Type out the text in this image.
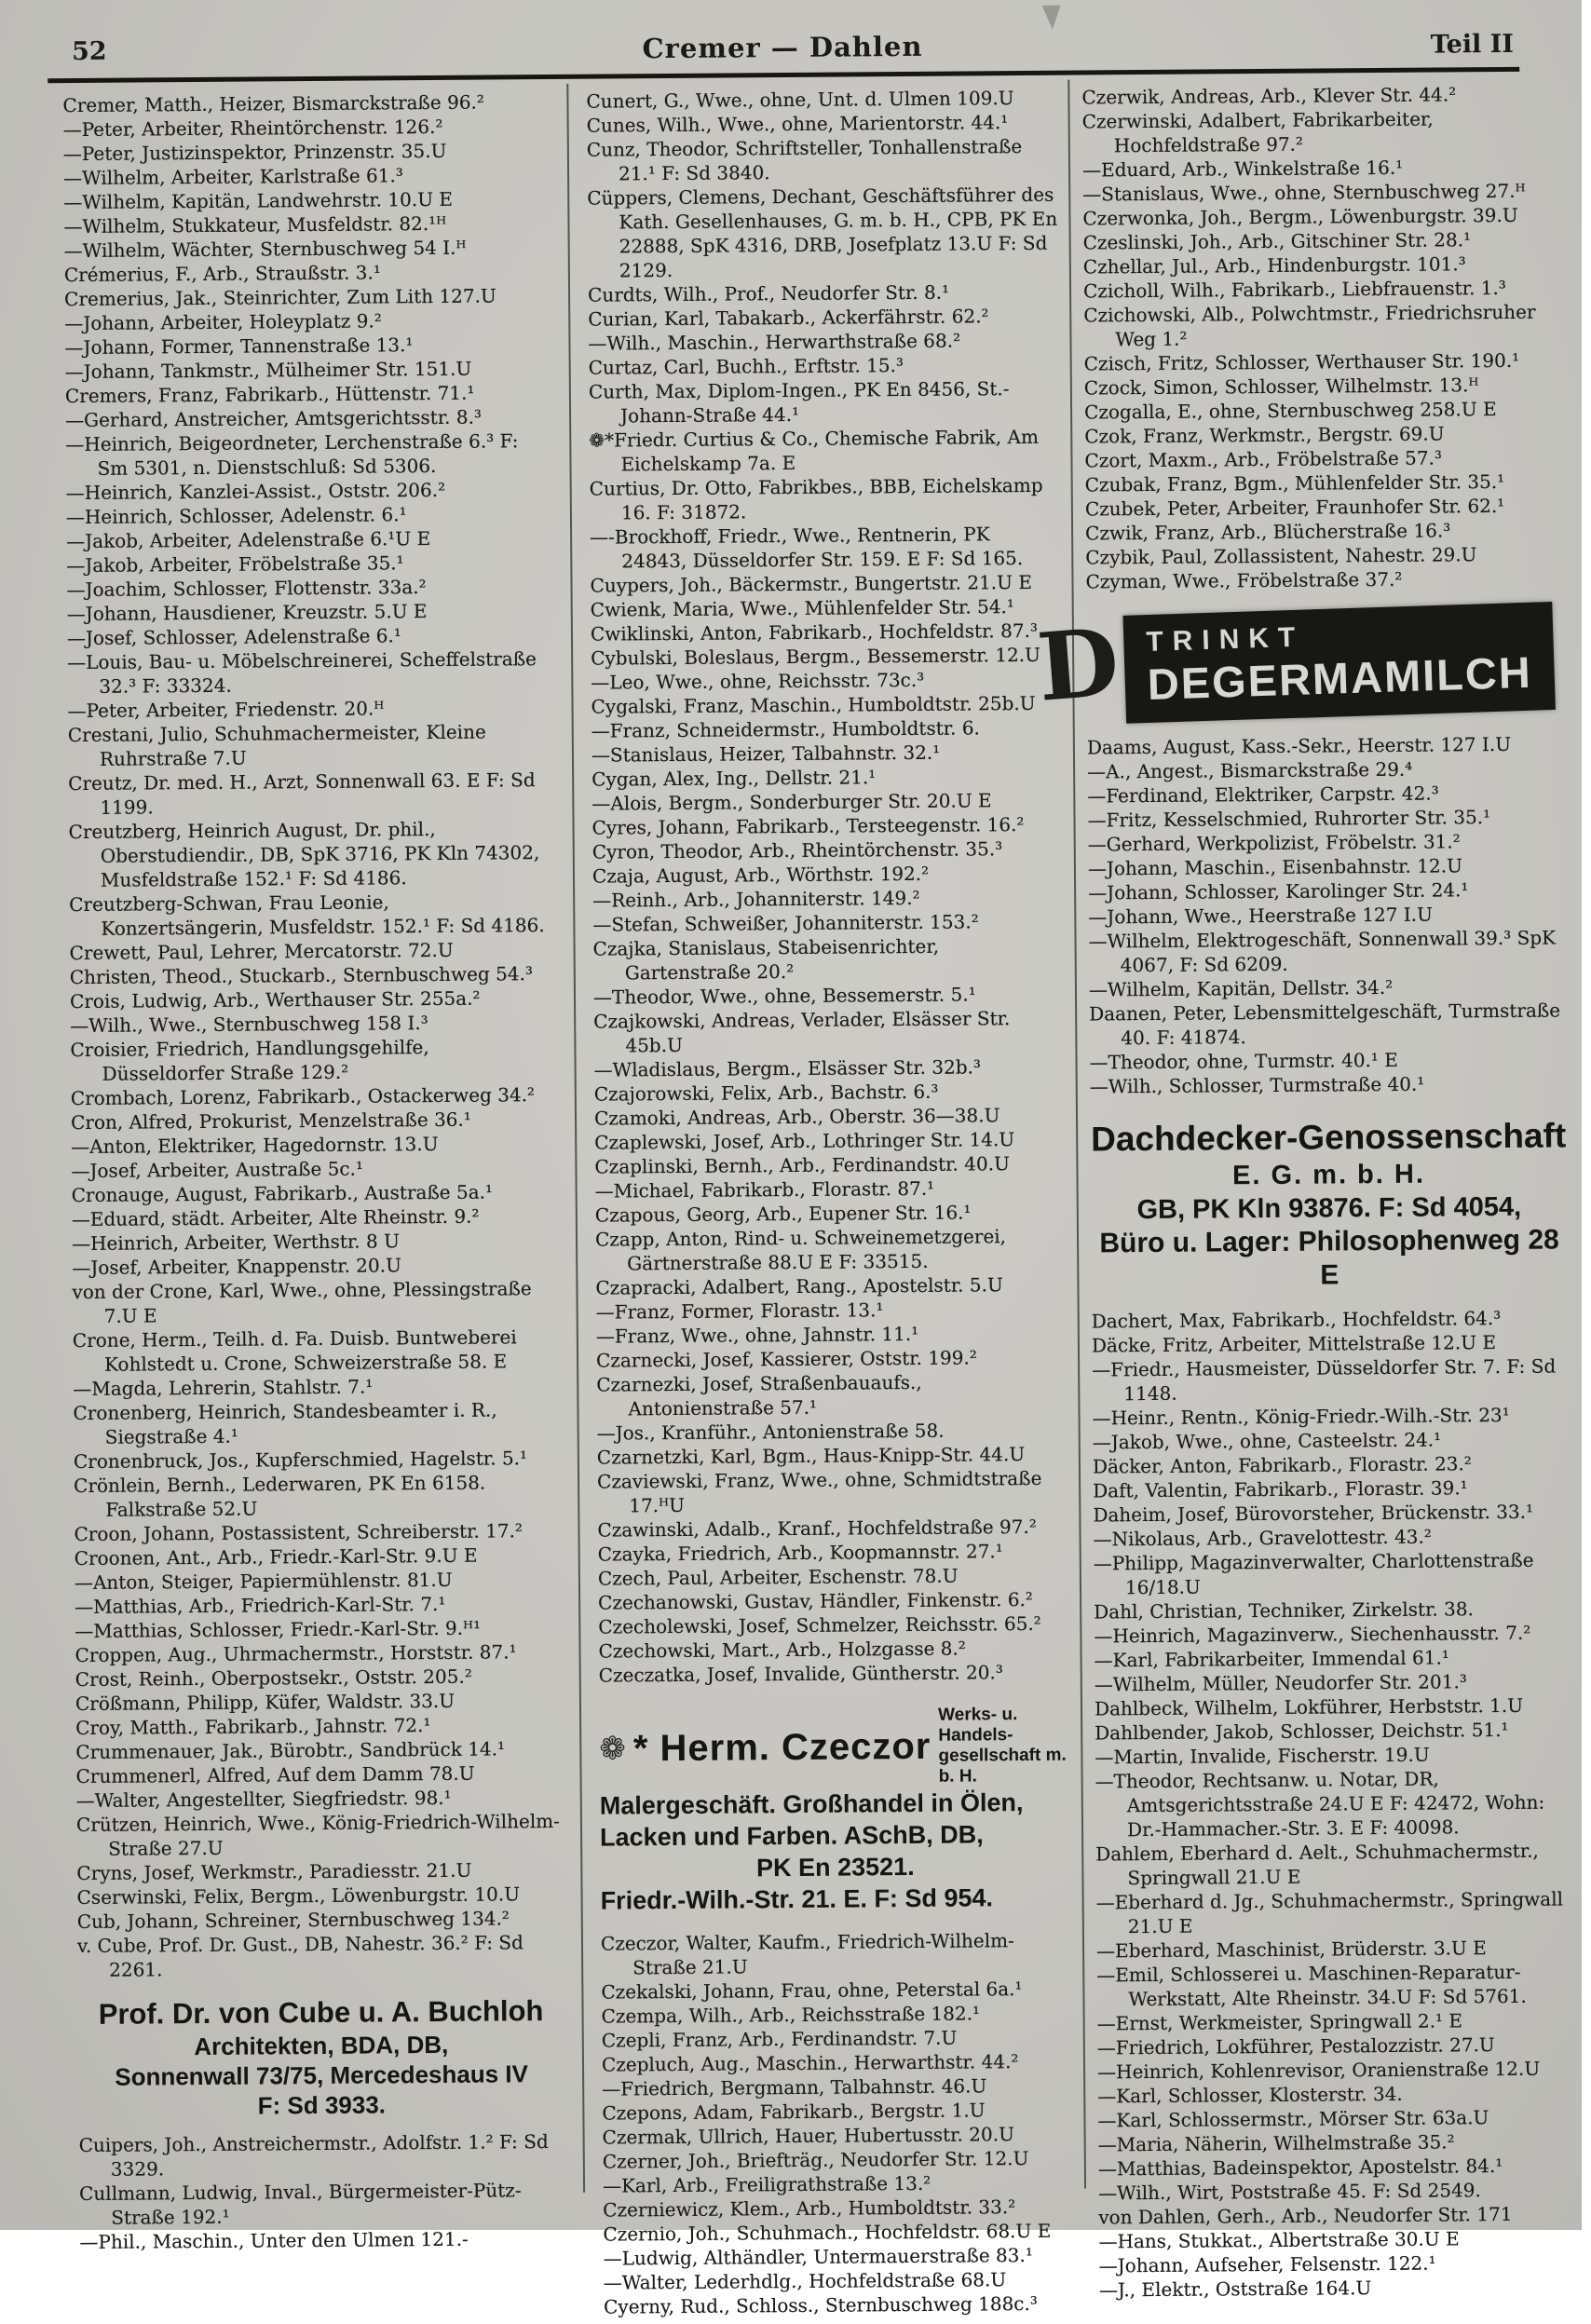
52	Cremer — Dahlen	Teil II
Cremer, Matth., Heizer, Bismarckstraße 96.²
—Peter, Arbeiter, Rheintörchenstr. 126.²
—Peter, Justizinspektor, Prinzenstr. 35.U
—Wilhelm, Arbeiter, Karlstraße 61.³
—Wilhelm, Kapitän, Landwehrstr. 10.U E
—Wilhelm, Stukkateur, Musfeldstr. 82.¹ᴴ
—Wilhelm, Wächter, Sternbuschweg 54 I.ᴴ
Crémerius, F., Arb., Straußstr. 3.¹
Cremerius, Jak., Steinrichter, Zum Lith 127.U
—Johann, Arbeiter, Holeyplatz 9.²
—Johann, Former, Tannenstraße 13.¹
—Johann, Tankmstr., Mülheimer Str. 151.U
Cremers, Franz, Fabrikarb., Hüttenstr. 71.¹
—Gerhard, Anstreicher, Amtsgerichtsstr. 8.³
—Heinrich, Beigeordneter, Lerchenstraße 6.³ F: Sm 5301, n. Dienstschluß: Sd 5306.
—Heinrich, Kanzlei-Assist., Oststr. 206.²
—Heinrich, Schlosser, Adelenstr. 6.¹
—Jakob, Arbeiter, Adelenstraße 6.¹U E
—Jakob, Arbeiter, Fröbelstraße 35.¹
—Joachim, Schlosser, Flottenstr. 33a.²
—Johann, Hausdiener, Kreuzstr. 5.U E
—Josef, Schlosser, Adelenstraße 6.¹
—Louis, Bau- u. Möbelschreinerei, Scheffelstraße 32.³ F: 33324.
—Peter, Arbeiter, Friedenstr. 20.ᴴ
Crestani, Julio, Schuhmachermeister, Kleine Ruhrstraße 7.U
Creutz, Dr. med. H., Arzt, Sonnenwall 63. E F: Sd 1199.
Creutzberg, Heinrich August, Dr. phil., Oberstudiendir., DB, SpK 3716, PK Kln 74302, Musfeldstraße 152.¹ F: Sd 4186.
Creutzberg-Schwan, Frau Leonie, Konzertsängerin, Musfeldstr. 152.¹ F: Sd 4186.
Crewett, Paul, Lehrer, Mercatorstr. 72.U
Christen, Theod., Stuckarb., Sternbuschweg 54.³
Crois, Ludwig, Arb., Werthauser Str. 255a.²
—Wilh., Wwe., Sternbuschweg 158 I.³
Croisier, Friedrich, Handlungsgehilfe, Düsseldorfer Straße 129.²
Crombach, Lorenz, Fabrikarb., Ostackerweg 34.²
Cron, Alfred, Prokurist, Menzelstraße 36.¹
—Anton, Elektriker, Hagedornstr. 13.U
—Josef, Arbeiter, Austraße 5c.¹
Cronauge, August, Fabrikarb., Austraße 5a.¹
—Eduard, städt. Arbeiter, Alte Rheinstr. 9.²
—Heinrich, Arbeiter, Werthstr. 8 U
—Josef, Arbeiter, Knappenstr. 20.U
von der Crone, Karl, Wwe., ohne, Plessingstraße 7.U E
Crone, Herm., Teilh. d. Fa. Duisb. Buntweberei Kohlstedt u. Crone, Schweizerstraße 58. E
—Magda, Lehrerin, Stahlstr. 7.¹
Cronenberg, Heinrich, Standesbeamter i. R., Siegstraße 4.¹
Cronenbruck, Jos., Kupferschmied, Hagelstr. 5.¹
Crönlein, Bernh., Lederwaren, PK En 6158. Falkstraße 52.U
Croon, Johann, Postassistent, Schreiberstr. 17.²
Croonen, Ant., Arb., Friedr.-Karl-Str. 9.U E
—Anton, Steiger, Papiermühlenstr. 81.U
—Matthias, Arb., Friedrich-Karl-Str. 7.¹
—Matthias, Schlosser, Friedr.-Karl-Str. 9.ᴴ¹
Croppen, Aug., Uhrmachermstr., Horststr. 87.¹
Crost, Reinh., Oberpostsekr., Oststr. 205.²
Crößmann, Philipp, Küfer, Waldstr. 33.U
Croy, Matth., Fabrikarb., Jahnstr. 72.¹
Crummenauer, Jak., Bürobtr., Sandbrück 14.¹
Crummenerl, Alfred, Auf dem Damm 78.U
—Walter, Angestellter, Siegfriedstr. 98.¹
Crützen, Heinrich, Wwe., König-Friedrich-Wilhelm-Straße 27.U
Cryns, Josef, Werkmstr., Paradiesstr. 21.U
Cserwinski, Felix, Bergm., Löwenburgstr. 10.U
Cub, Johann, Schreiner, Sternbuschweg 134.²
v. Cube, Prof. Dr. Gust., DB, Nahestr. 36.² F: Sd 2261.
Prof. Dr. von Cube u. A. Buchloh
Architekten, BDA, DB,
Sonnenwall 73/75, Mercedeshaus IV
F: Sd 3933.
Cuipers, Joh., Anstreichermstr., Adolfstr. 1.² F: Sd 3329.
Cullmann, Ludwig, Inval., Bürgermeister-Pütz-Straße 192.¹
—Phil., Maschin., Unter den Ulmen 121.-
Cunert, G., Wwe., ohne, Unt. d. Ulmen 109.U
Cunes, Wilh., Wwe., ohne, Marientorstr. 44.¹
Cunz, Theodor, Schriftsteller, Tonhallenstraße 21.¹ F: Sd 3840.
Cüppers, Clemens, Dechant, Geschäftsführer des Kath. Gesellenhauses, G. m. b. H., CPB, PK En 22888, SpK 4316, DRB, Josefplatz 13.U F: Sd 2129.
Curdts, Wilh., Prof., Neudorfer Str. 8.¹
Curian, Karl, Tabakarb., Ackerfährstr. 62.²
—Wilh., Maschin., Herwarthstraße 68.²
Curtaz, Carl, Buchh., Erftstr. 15.³
Curth, Max, Diplom-Ingen., PK En 8456, St.-Johann-Straße 44.¹
❁*Friedr. Curtius & Co., Chemische Fabrik, Am Eichelskamp 7a. E
Curtius, Dr. Otto, Fabrikbes., BBB, Eichelskamp 16. F: 31872.
—-Brockhoff, Friedr., Wwe., Rentnerin, PK 24843, Düsseldorfer Str. 159. E F: Sd 165.
Cuypers, Joh., Bäckermstr., Bungertstr. 21.U E
Cwienk, Maria, Wwe., Mühlenfelder Str. 54.¹
Cwiklinski, Anton, Fabrikarb., Hochfeldstr. 87.³
Cybulski, Boleslaus, Bergm., Bessemerstr. 12.U
—Leo, Wwe., ohne, Reichsstr. 73c.³
Cygalski, Franz, Maschin., Humboldtstr. 25b.U
—Franz, Schneidermstr., Humboldtstr. 6.
—Stanislaus, Heizer, Talbahnstr. 32.¹
Cygan, Alex, Ing., Dellstr. 21.¹
—Alois, Bergm., Sonderburger Str. 20.U E
Cyres, Johann, Fabrikarb., Tersteegenstr. 16.²
Cyron, Theodor, Arb., Rheintörchenstr. 35.³
Czaja, August, Arb., Wörthstr. 192.²
—Reinh., Arb., Johanniterstr. 149.²
—Stefan, Schweißer, Johanniterstr. 153.²
Czajka, Stanislaus, Stabeisenrichter, Gartenstraße 20.²
—Theodor, Wwe., ohne, Bessemerstr. 5.¹
Czajkowski, Andreas, Verlader, Elsässer Str. 45b.U
—Wladislaus, Bergm., Elsässer Str. 32b.³
Czajorowski, Felix, Arb., Bachstr. 6.³
Czamoki, Andreas, Arb., Oberstr. 36—38.U
Czaplewski, Josef, Arb., Lothringer Str. 14.U
Czaplinski, Bernh., Arb., Ferdinandstr. 40.U
—Michael, Fabrikarb., Florastr. 87.¹
Czapous, Georg, Arb., Eupener Str. 16.¹
Czapp, Anton, Rind- u. Schweinemetzgerei, Gärtnerstraße 88.U E F: 33515.
Czapracki, Adalbert, Rang., Apostelstr. 5.U
—Franz, Former, Florastr. 13.¹
—Franz, Wwe., ohne, Jahnstr. 11.¹
Czarnecki, Josef, Kassierer, Oststr. 199.²
Czarnezki, Josef, Straßenbauaufs., Antonienstraße 57.¹
—Jos., Kranführ., Antonienstraße 58.
Czarnetzki, Karl, Bgm., Haus-Knipp-Str. 44.U
Czaviewski, Franz, Wwe., ohne, Schmidtstraße 17.ᴴU
Czawinski, Adalb., Kranf., Hochfeldstraße 97.²
Czayka, Friedrich, Arb., Koopmannstr. 27.¹
Czech, Paul, Arbeiter, Eschenstr. 78.U
Czechanowski, Gustav, Händler, Finkenstr. 6.²
Czecholewski, Josef, Schmelzer, Reichsstr. 65.²
Czechowski, Mart., Arb., Holzgasse 8.²
Czeczatka, Josef, Invalide, Güntherstr. 20.³
❁ * Herm. Czeczor
Werks- u. Handels-
gesellschaft m. b. H.
Malergeschäft. Großhandel in Ölen,
Lacken und Farben. ASchB, DB,
PK En 23521.
Friedr.-Wilh.-Str. 21. E. F: Sd 954.
Czeczor, Walter, Kaufm., Friedrich-Wilhelm-Straße 21.U
Czekalski, Johann, Frau, ohne, Peterstal 6a.¹
Czempa, Wilh., Arb., Reichsstraße 182.¹
Czepli, Franz, Arb., Ferdinandstr. 7.U
Czepluch, Aug., Maschin., Herwarthstr. 44.²
—Friedrich, Bergmann, Talbahnstr. 46.U
Czepons, Adam, Fabrikarb., Bergstr. 1.U
Czermak, Ullrich, Hauer, Hubertusstr. 20.U
Czerner, Joh., Briefträg., Neudorfer Str. 12.U
—Karl, Arb., Freiligrathstraße 13.²
Czerniewicz, Klem., Arb., Humboldtstr. 33.²
Czernio, Joh., Schuhmach., Hochfeldstr. 68.U E
—Ludwig, Althändler, Untermauerstraße 83.¹
—Walter, Lederhdlg., Hochfeldstraße 68.U
Cyerny, Rud., Schloss., Sternbuschweg 188c.³
Czerwik, Andreas, Arb., Klever Str. 44.²
Czerwinski, Adalbert, Fabrikarbeiter, Hochfeldstraße 97.²
—Eduard, Arb., Winkelstraße 16.¹
—Stanislaus, Wwe., ohne, Sternbuschweg 27.ᴴ
Czerwonka, Joh., Bergm., Löwenburgstr. 39.U
Czeslinski, Joh., Arb., Gitschiner Str. 28.¹
Czhellar, Jul., Arb., Hindenburgstr. 101.³
Czicholl, Wilh., Fabrikarb., Liebfrauenstr. 1.³
Czichowski, Alb., Polwchtmstr., Friedrichsruher Weg 1.²
Czisch, Fritz, Schlosser, Werthauser Str. 190.¹
Czock, Simon, Schlosser, Wilhelmstr. 13.ᴴ
Czogalla, E., ohne, Sternbuschweg 258.U E
Czok, Franz, Werkmstr., Bergstr. 69.U
Czort, Maxm., Arb., Fröbelstraße 57.³
Czubak, Franz, Bgm., Mühlenfelder Str. 35.¹
Czubek, Peter, Arbeiter, Fraunhofer Str. 62.¹
Czwik, Franz, Arb., Blücherstraße 16.³
Czybik, Paul, Zollassistent, Nahestr. 29.U
Czyman, Wwe., Fröbelstraße 37.²
D TRINKT
DEGERMAMILCH
Daams, August, Kass.-Sekr., Heerstr. 127 I.U
—A., Angest., Bismarckstraße 29.⁴
—Ferdinand, Elektriker, Carpstr. 42.³
—Fritz, Kesselschmied, Ruhrorter Str. 35.¹
—Gerhard, Werkpolizist, Fröbelstr. 31.²
—Johann, Maschin., Eisenbahnstr. 12.U
—Johann, Schlosser, Karolinger Str. 24.¹
—Johann, Wwe., Heerstraße 127 I.U
—Wilhelm, Elektrogeschäft, Sonnenwall 39.³ SpK 4067, F: Sd 6209.
—Wilhelm, Kapitän, Dellstr. 34.²
Daanen, Peter, Lebensmittelgeschäft, Turmstraße 40. F: 41874.
—Theodor, ohne, Turmstr. 40.¹ E
—Wilh., Schlosser, Turmstraße 40.¹
Dachdecker-Genossenschaft
E. G. m. b. H.
GB, PK Kln 93876. F: Sd 4054,
Büro u. Lager: Philosophenweg 28 E
Dachert, Max, Fabrikarb., Hochfeldstr. 64.³
Däcke, Fritz, Arbeiter, Mittelstraße 12.U E
—Friedr., Hausmeister, Düsseldorfer Str. 7. F: Sd 1148.
—Heinr., Rentn., König-Friedr.-Wilh.-Str. 23¹
—Jakob, Wwe., ohne, Casteelstr. 24.¹
Däcker, Anton, Fabrikarb., Florastr. 23.²
Daft, Valentin, Fabrikarb., Florastr. 39.¹
Daheim, Josef, Bürovorsteher, Brückenstr. 33.¹
—Nikolaus, Arb., Gravelottestr. 43.²
—Philipp, Magazinverwalter, Charlottenstraße 16/18.U
Dahl, Christian, Techniker, Zirkelstr. 38.
—Heinrich, Magazinverw., Siechenhausstr. 7.²
—Karl, Fabrikarbeiter, Immendal 61.¹
—Wilhelm, Müller, Neudorfer Str. 201.³
Dahlbeck, Wilhelm, Lokführer, Herbststr. 1.U
Dahlbender, Jakob, Schlosser, Deichstr. 51.¹
—Martin, Invalide, Fischerstr. 19.U
—Theodor, Rechtsanw. u. Notar, DR, Amtsgerichtsstraße 24.U E F: 42472, Wohn: Dr.-Hammacher.-Str. 3. E F: 40098.
Dahlem, Eberhard d. Aelt., Schuhmachermstr., Springwall 21.U E
—Eberhard d. Jg., Schuhmachermstr., Springwall 21.U E
—Eberhard, Maschinist, Brüderstr. 3.U E
—Emil, Schlosserei u. Maschinen-Reparatur-Werkstatt, Alte Rheinstr. 34.U F: Sd 5761.
—Ernst, Werkmeister, Springwall 2.¹ E
—Friedrich, Lokführer, Pestalozzistr. 27.U
—Heinrich, Kohlenrevisor, Oranienstraße 12.U
—Karl, Schlosser, Klosterstr. 34.
—Karl, Schlossermstr., Mörser Str. 63a.U
—Maria, Näherin, Wilhelmstraße 35.²
—Matthias, Badeinspektor, Apostelstr. 84.¹
—Wilh., Wirt, Poststraße 45. F: Sd 2549.
von Dahlen, Gerh., Arb., Neudorfer Str. 171
—Hans, Stukkat., Albertstraße 30.U E
—Johann, Aufseher, Felsenstr. 122.¹
—J., Elektr., Oststraße 164.U
